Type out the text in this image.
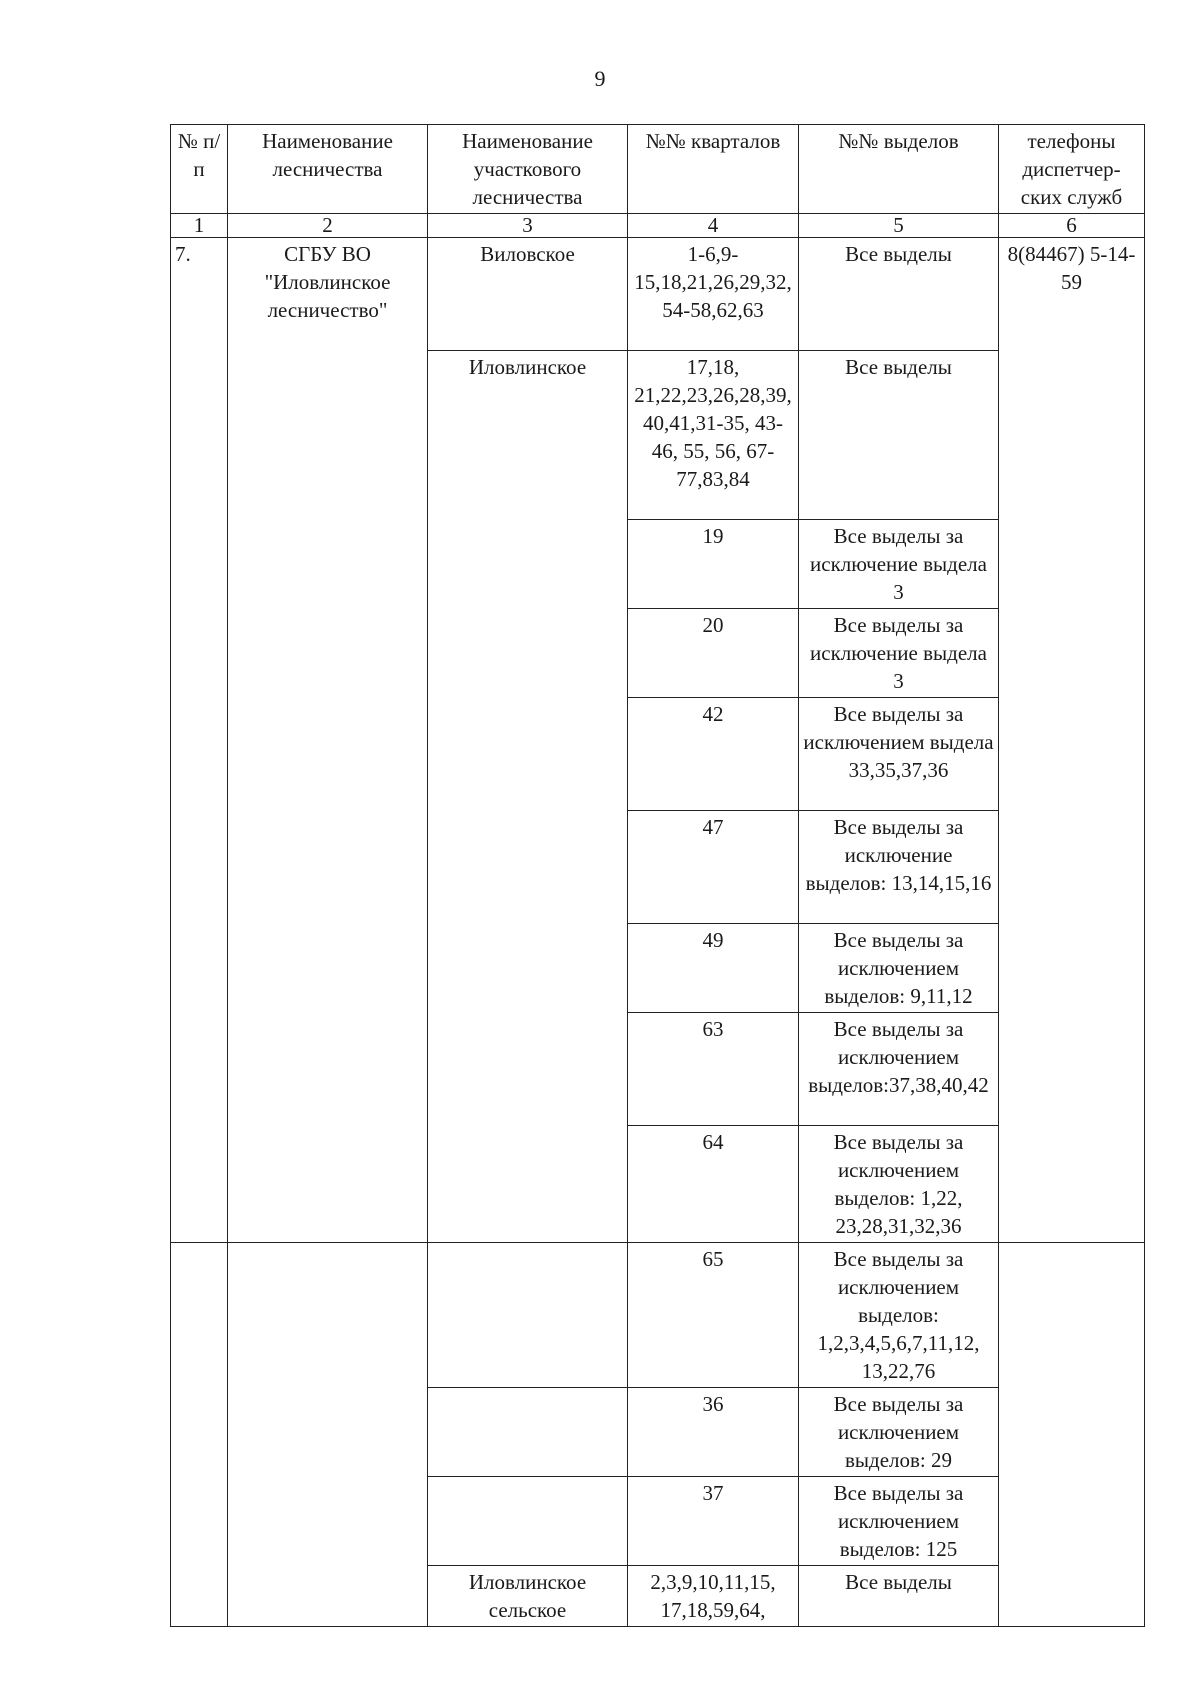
9
№ п/п	Наименование лесничества	Наименование участкового лесничества	№№ кварталов	№№ выделов	телефоны диспетчер-ских служб
1	2	3	4	5	6
7.	СГБУ ВО "Иловлинское лесничество"	Виловское	1-6,9-15,18,21,26,29,32,54-58,62,63	Все выделы	8(84467) 5-14-59
		Иловлинское	17,18, 21,22,23,26,28,39,40,41,31-35, 43-46, 55, 56, 67-77,83,84	Все выделы	
			19	Все выделы за исключение выдела 3	
			20	Все выделы за исключение выдела 3	
			42	Все выделы за исключением выдела 33,35,37,36	
			47	Все выделы за исключение выделов: 13,14,15,16	
			49	Все выделы за исключением выделов: 9,11,12	
			63	Все выделы за исключением выделов:37,38,40,42	
			64	Все выделы за исключением выделов: 1,22, 23,28,31,32,36	
			65	Все выделы за исключением выделов: 1,2,3,4,5,6,7,11,12, 13,22,76	
			36	Все выделы за исключением выделов: 29	
			37	Все выделы за исключением выделов: 125	
		Иловлинское сельское	2,3,9,10,11,15, 17,18,59,64,	Все выделы	
